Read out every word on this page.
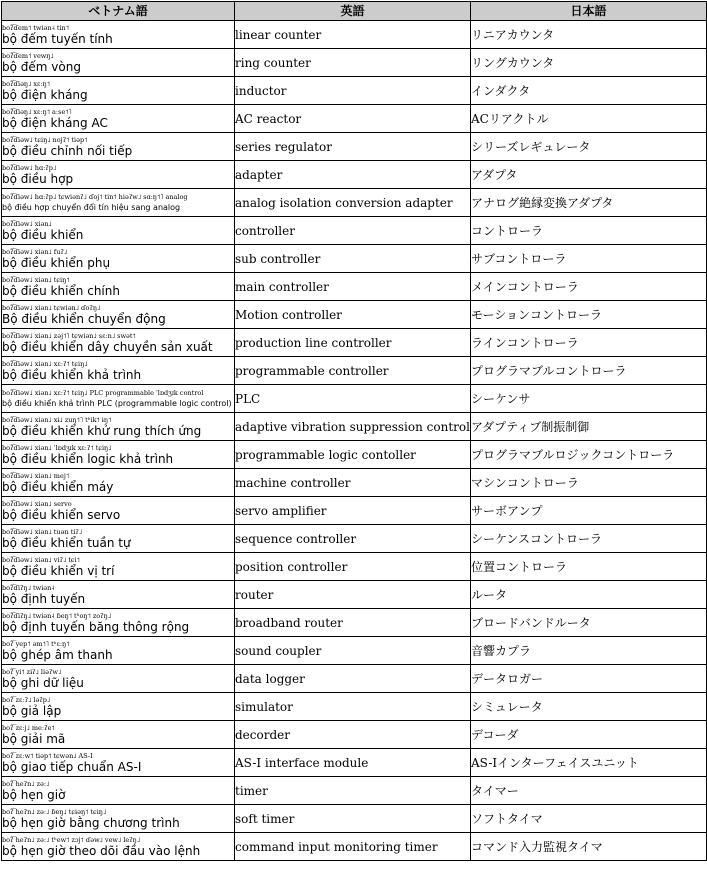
ベトナム語	英語	日本語

boʔ͡ɗem˦ twiən˨ tin˦
bộ đếm tuyến tính	linear counter	リニアカウンタ

boʔ͡ɗem˦ vewŋ˩
bộ đếm vòng	ring counter	リングカウンタ

boʔ͡ɗiəŋ˩ xɛːŋ˦
bộ điện kháng	inductor	インダクタ

boʔ͡ɗiəŋ˩ xɛːŋ˦ aːse˦˥
bộ điện kháng AC	AC reactor	ACリアクトル

boʔ͡ɗiəw˩ tɕiŋ˩ nojʔ˦ tiəp˦
bộ điều chỉnh nối tiếp	series regulator	シリーズレギュレータ

boʔ͡ɗiəw˩ hɑːʔp˩
bộ điều hợp	adapter	アダプタ

boʔ͡ɗiəw˩ hɑːʔp˩ tɕwiənʔ˩ ɗoj˦ tin˦ hiəʔw˩ sɑːŋ˦˥ analog
bộ điều hợp chuyển đổi tín hiệu sang analog	analog isolation conversion adapter	アナログ絶縁変換アダプタ

boʔ͡ɗiəw˩ xiən˩
bộ điều khiển	controller	コントローラ

boʔ͡ɗiəw˩ xiən˩ fuʔ˩
bộ điều khiển phụ	sub controller	サブコントローラ

boʔ͡ɗiəw˩ xiən˩ tɕiŋ˦
bộ điều khiển chính	main controller	メインコントローラ

boʔ͡ɗiəw˩ xiən˩ tɕwiən˩ ɗoʔŋ˩
Bộ điều khiển chuyển động	Motion controller	モーションコントローラ

boʔ͡ɗiəw˩ xiən˩ zəj˦˥ tɕwiən˩ sɛːn˩ swət˦
bộ điều khiển dây chuyền sản xuất	production line controller	ラインコントローラ

boʔ͡ɗiəw˩ xiən˩ xɛːʔ˦ tɕiŋ˩
bộ điều khiển khả trình	programmable controller	プログラマブルコントローラ

boʔ͡ɗiəw˩ xiən˩ xɛːʔ˦ tɕiŋ˩ PLC programmable ˈlɒdʒɪk control
bộ điều khiển khả trình PLC (programmable logic control)	PLC	シーケンサ

boʔ͡ɗiəw˩ xiən˩ xɨ˩ zuŋ˦˥ tʰik˦ ɨŋ˦
bộ điều khiển khử rung thích ứng	adaptive vibration suppression control	アダプティブ制振制御

boʔ͡ɗiəw˩ xiən˩ ˈlɒdʒɪk xɛːʔ˦ tɕiŋ˩
bộ điều khiển logic khả trình	programmable logic contoller	プログラマブルロジックコントローラ

boʔ͡ɗiəw˩ xiən˩ mej˦
bộ điều khiển máy	machine controller	マシンコントローラ

boʔ͡ɗiəw˩ xiən˩ servo
bộ điều khiển servo	servo amplifier	サーボアンプ

boʔ͡ɗiəw˩ xiən˩ tuən tiʔ˩
bộ điều khiển tuần tự	sequence controller	シーケンスコントローラ

boʔ͡ɗiəw˩ xiən˩ viʔ˩ tɕi˦
bộ điều khiển vị trí	position controller	位置コントローラ

boʔ͡ɗiʔŋ˩ twiən˨
bộ định tuyến	router	ルータ

boʔ͡ɗiʔŋ˩ twiən˨ ɓeŋ˦ tʰoŋ˦ zoʔŋ˩
bộ định tuyến băng thông rộng	broadband router	ブロードバンドルータ

boʔ͡ yep˦ əm˦˥ tʰɛːŋ˦
bộ ghép âm thanh	sound coupler	音響カプラ

boʔ͡ yi˦ zɨʔ˩ liəʔw˩
bộ ghi dữ liệu	data logger	データロガー

boʔ͡ zɛːʔ˩ ləʔp˩
bộ giả lập	simulator	シミュレータ

boʔ͡ zɛːj˩ meːʔe˦
bộ giải mã	decorder	デコーダ

boʔ͡ zɛːw˦ tiəp˦ tɕwən˩ AS-I
bộ giao tiếp chuẩn AS-I	AS-I interface module	AS-Iインターフェイスユニット

boʔ͡ heʔn˩ zəː˩
bộ hẹn giờ	timer	タイマー

boʔ͡ heʔn˩ zəː˩ ɓeŋ˩ tɕɨəŋ˦ tɕiŋ˩
bộ hẹn giờ bằng chương trình	soft timer	ソフトタイマ

boʔ͡ heʔn˩ zəː˩ tʰew˦ zɔj˦ ɗəw˩ vew˩ leʔŋ˩
bộ hẹn giờ theo dõi đầu vào lệnh	command input monitoring timer	コマンド入力監視タイマ
